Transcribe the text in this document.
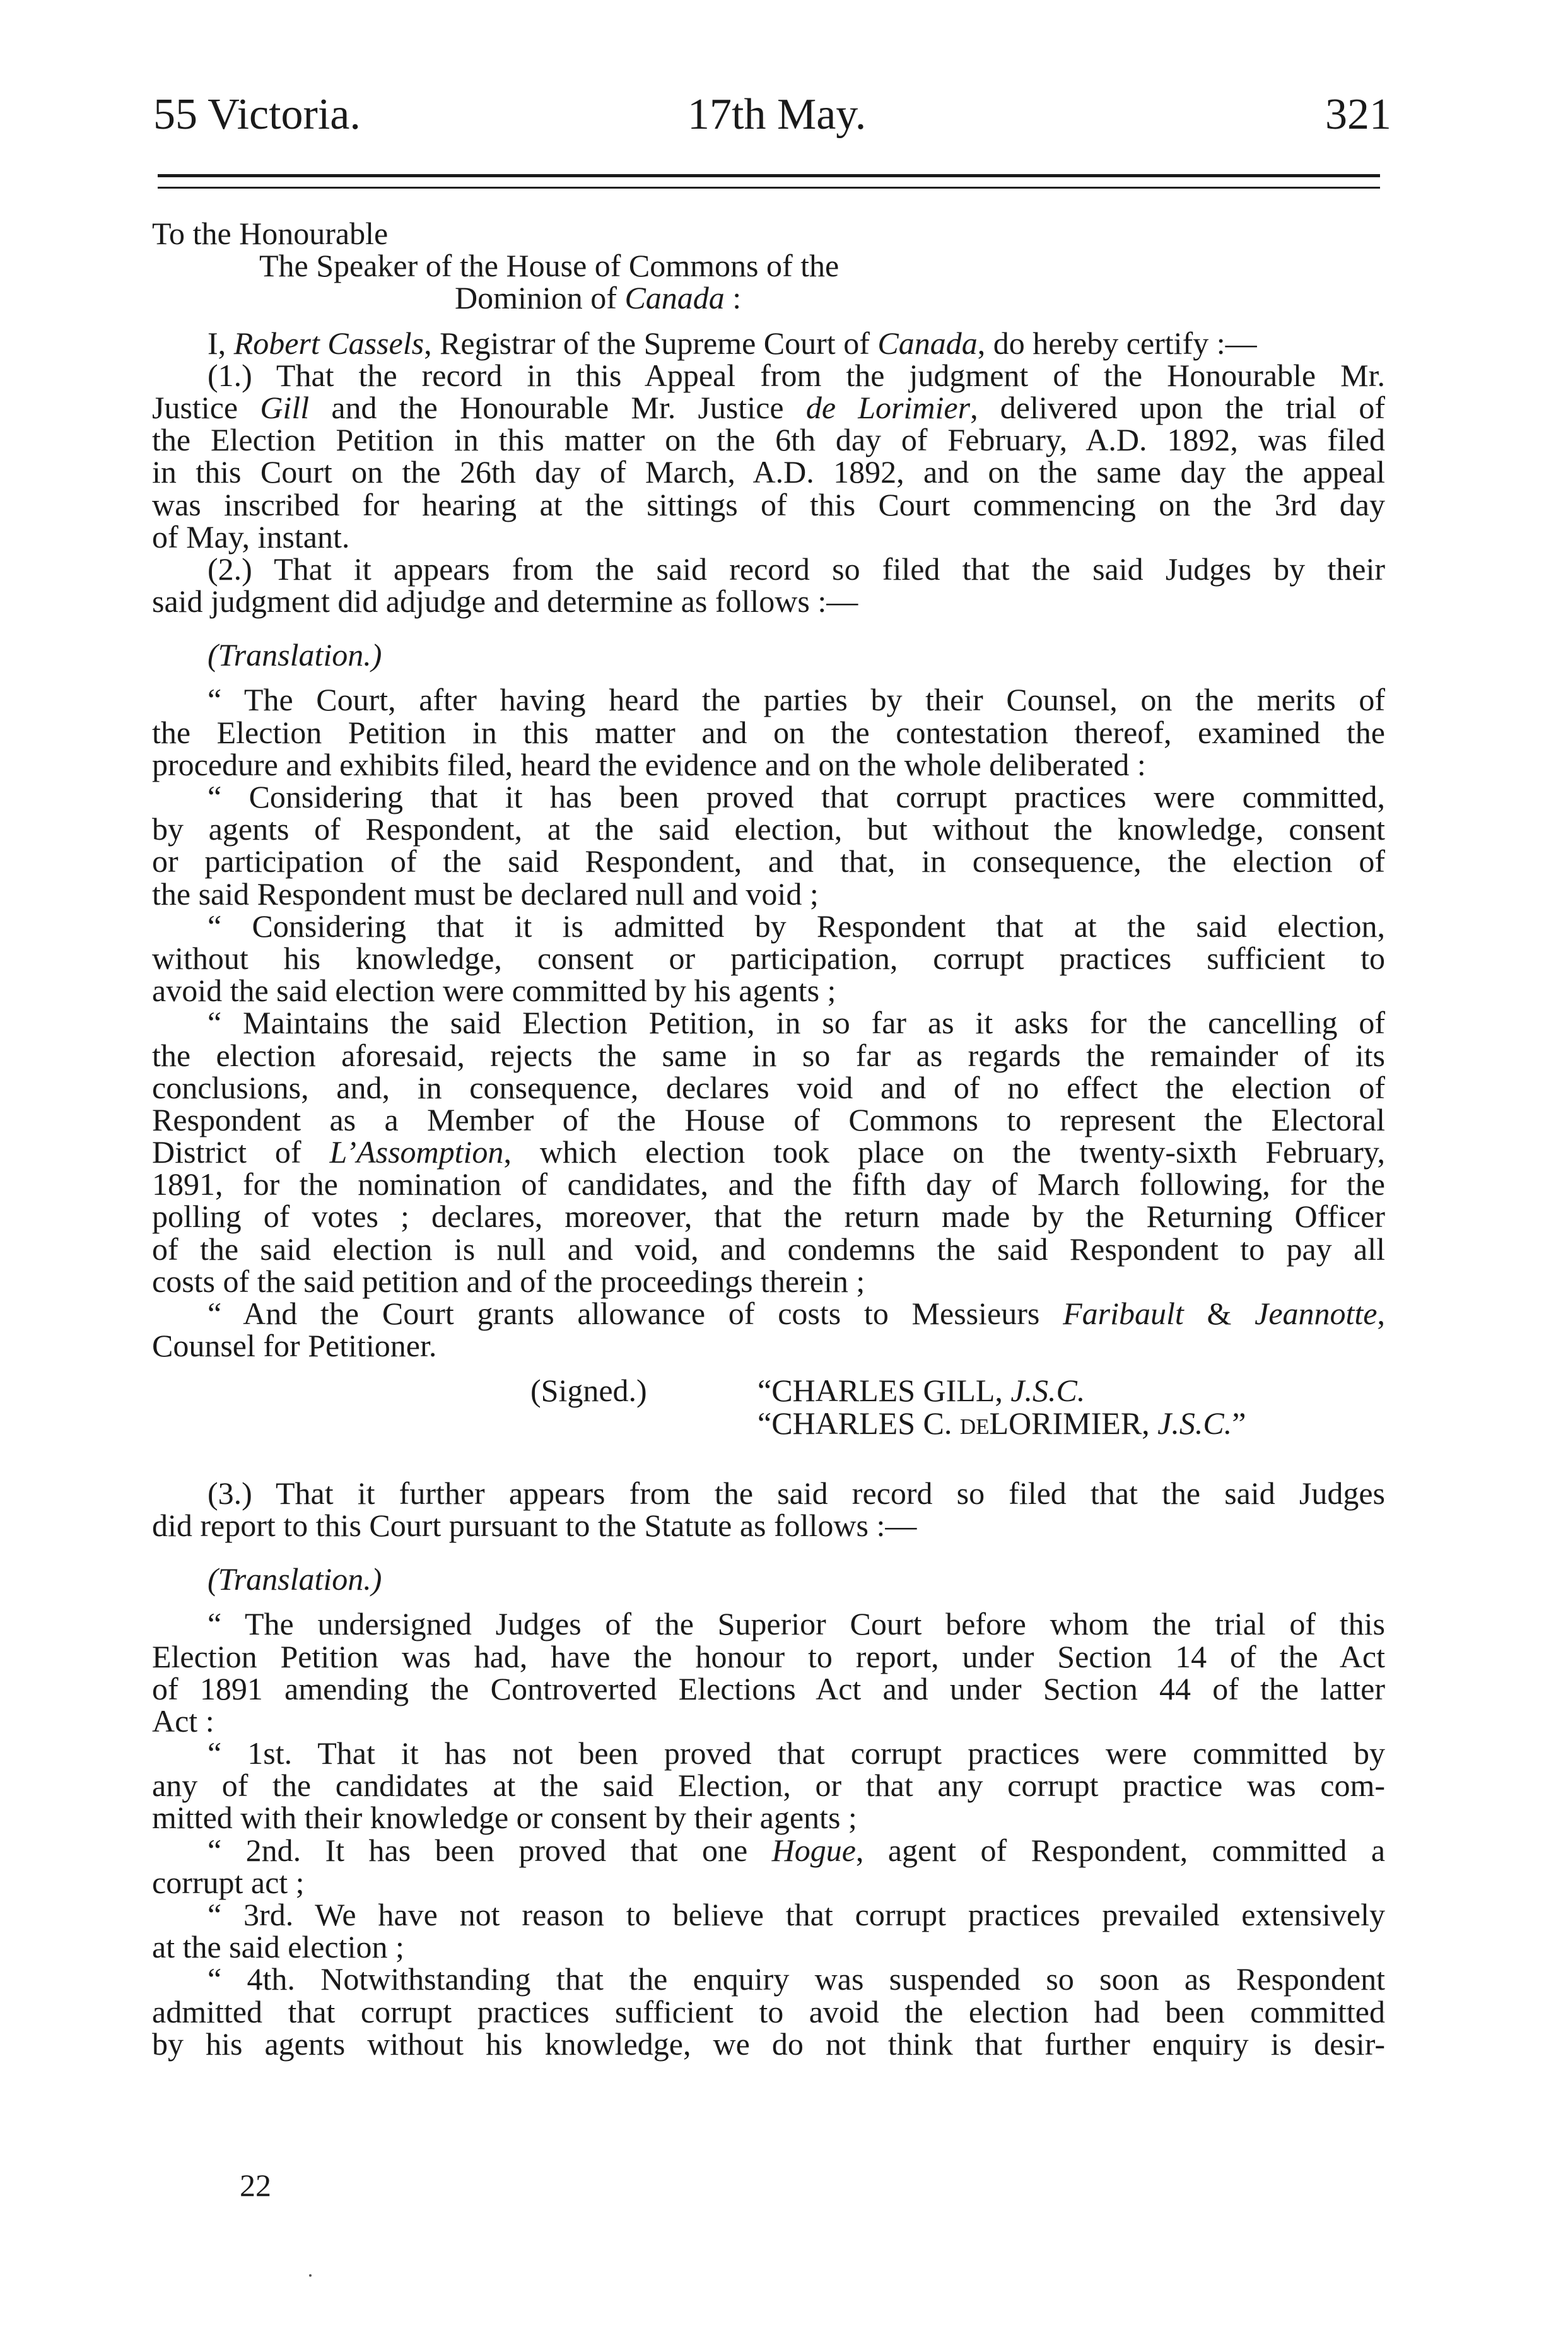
55 Victoria.	17th May.	321
To the Honourable
The Speaker of the House of Commons of the
Dominion of Canada :
I, Robert Cassels, Registrar of the Supreme Court of Canada, do hereby certify :—
(1.) That the record in this Appeal from the judgment of the Honourable Mr.
Justice Gill and the Honourable Mr. Justice de Lorimier, delivered upon the trial of
the Election Petition in this matter on the 6th day of February, A.D. 1892, was filed
in this Court on the 26th day of March, A.D. 1892, and on the same day the appeal
was inscribed for hearing at the sittings of this Court commencing on the 3rd day
of May, instant.
(2.) That it appears from the said record so filed that the said Judges by their
said judgment did adjudge and determine as follows :—
(Translation.)
“ The Court, after having heard the parties by their Counsel, on the merits of
the Election Petition in this matter and on the contestation thereof, examined the
procedure and exhibits filed, heard the evidence and on the whole deliberated :
“ Considering that it has been proved that corrupt practices were committed,
by agents of Respondent, at the said election, but without the knowledge, consent
or participation of the said Respondent, and that, in consequence, the election of
the said Respondent must be declared null and void ;
“ Considering that it is admitted by Respondent that at the said election,
without his knowledge, consent or participation, corrupt practices sufficient to
avoid the said election were committed by his agents ;
“ Maintains the said Election Petition, in so far as it asks for the cancelling of
the election aforesaid, rejects the same in so far as regards the remainder of its
conclusions, and, in consequence, declares void and of no effect the election of
Respondent as a Member of the House of Commons to represent the Electoral
District of L’Assomption, which election took place on the twenty-sixth February,
1891, for the nomination of candidates, and the fifth day of March following, for the
polling of votes ; declares, moreover, that the return made by the Returning Officer
of the said election is null and void, and condemns the said Respondent to pay all
costs of the said petition and of the proceedings therein ;
“ And the Court grants allowance of costs to Messieurs Faribault & Jeannotte,
Counsel for Petitioner.
(Signed.)	“CHARLES GILL, J.S.C.
“CHARLES C. deLORIMIER, J.S.C.”
(3.) That it further appears from the said record so filed that the said Judges
did report to this Court pursuant to the Statute as follows :—
(Translation.)
“ The undersigned Judges of the Superior Court before whom the trial of this
Election Petition was had, have the honour to report, under Section 14 of the Act
of 1891 amending the Controverted Elections Act and under Section 44 of the latter
Act :
“ 1st. That it has not been proved that corrupt practices were committed by
any of the candidates at the said Election, or that any corrupt practice was com-
mitted with their knowledge or consent by their agents ;
“ 2nd. It has been proved that one Hogue, agent of Respondent, committed a
corrupt act ;
“ 3rd. We have not reason to believe that corrupt practices prevailed extensively
at the said election ;
“ 4th. Notwithstanding that the enquiry was suspended so soon as Respondent
admitted that corrupt practices sufficient to avoid the election had been committed
by his agents without his knowledge, we do not think that further enquiry is desir-
22
